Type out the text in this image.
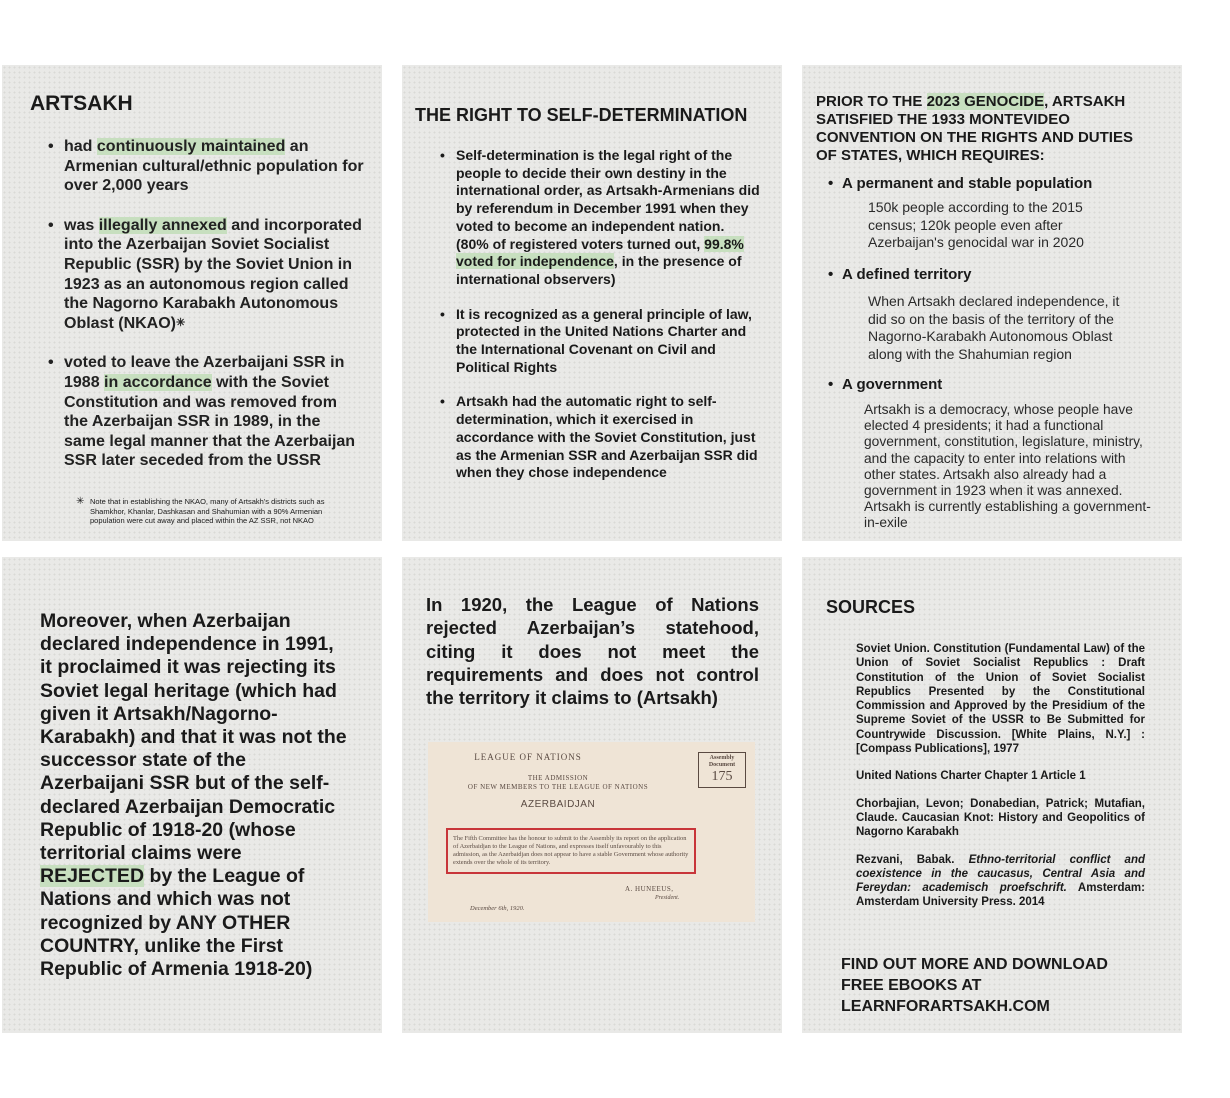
ARTSAKH
• had continuously maintained an Armenian cultural/ethnic population for over 2,000 years
• was illegally annexed and incorporated into the Azerbaijan Soviet Socialist Republic (SSR) by the Soviet Union in 1923 as an autonomous region called the Nagorno Karabakh Autonomous Oblast (NKAO)✳
• voted to leave the Azerbaijani SSR in 1988 in accordance with the Soviet Constitution and was removed from the Azerbaijan SSR in 1989, in the same legal manner that the Azerbaijan SSR later seceded from the USSR
✳ Note that in establishing the NKAO, many of Artsakh's districts such as Shamkhor, Khanlar, Dashkasan and Shahumian with a 90% Armenian population were cut away and placed within the AZ SSR, not NKAO
THE RIGHT TO SELF-DETERMINATION
• Self-determination is the legal right of the people to decide their own destiny in the international order, as Artsakh-Armenians did by referendum in December 1991 when they voted to become an independent nation. (80% of registered voters turned out, 99.8% voted for independence, in the presence of international observers)
• It is recognized as a general principle of law, protected in the United Nations Charter and the International Covenant on Civil and Political Rights
• Artsakh had the automatic right to self-determination, which it exercised in accordance with the Soviet Constitution, just as the Armenian SSR and Azerbaijan SSR did when they chose independence
PRIOR TO THE 2023 GENOCIDE, ARTSAKH SATISFIED THE 1933 MONTEVIDEO CONVENTION ON THE RIGHTS AND DUTIES OF STATES, WHICH REQUIRES:
• A permanent and stable population
150k people according to the 2015 census; 120k people even after Azerbaijan's genocidal war in 2020
• A defined territory
When Artsakh declared independence, it did so on the basis of the territory of the Nagorno-Karabakh Autonomous Oblast along with the Shahumian region
• A government
Artsakh is a democracy, whose people have elected 4 presidents; it had a functional government, constitution, legislature, ministry, and the capacity to enter into relations with other states. Artsakh also already had a government in 1923 when it was annexed. Artsakh is currently establishing a government-in-exile
Moreover, when Azerbaijan declared independence in 1991, it proclaimed it was rejecting its Soviet legal heritage (which had given it Artsakh/Nagorno-Karabakh) and that it was not the successor state of the Azerbaijani SSR but of the self-declared Azerbaijan Democratic Republic of 1918-20 (whose territorial claims were REJECTED by the League of Nations and which was not recognized by ANY OTHER COUNTRY, unlike the First Republic of Armenia 1918-20)
In 1920, the League of Nations rejected Azerbaijan’s statehood, citing it does not meet the requirements and does not control the territory it claims to (Artsakh)
LEAGUE OF NATIONS
THE ADMISSION
OF NEW MEMBERS TO THE LEAGUE OF NATIONS
AZERBAIDJAN
Assembly Document
175
The Fifth Committee has the honour to submit to the Assembly its report on the application of Azerbaidjan to the League of Nations, and expresses itself unfavourably to this admission, as the Azerbaidjan does not appear to have a stable Government whose authority extends over the whole of its territory.
A. HUNEEUS,
President.
December 6th, 1920.
SOURCES
Soviet Union. Constitution (Fundamental Law) of the Union of Soviet Socialist Republics : Draft Constitution of the Union of Soviet Socialist Republics Presented by the Constitutional Commission and Approved by the Presidium of the Supreme Soviet of the USSR to Be Submitted for Countrywide Discussion. [White Plains, N.Y.] : [Compass Publications], 1977
United Nations Charter Chapter 1 Article 1
Chorbajian, Levon; Donabedian, Patrick; Mutafian, Claude. Caucasian Knot: History and Geopolitics of Nagorno Karabakh
Rezvani, Babak. Ethno-territorial conflict and coexistence in the caucasus, Central Asia and Fereydan: academisch proefschrift. Amsterdam: Amsterdam University Press. 2014
FIND OUT MORE AND DOWNLOAD FREE EBOOKS AT LEARNFORARTSAKH.COM
